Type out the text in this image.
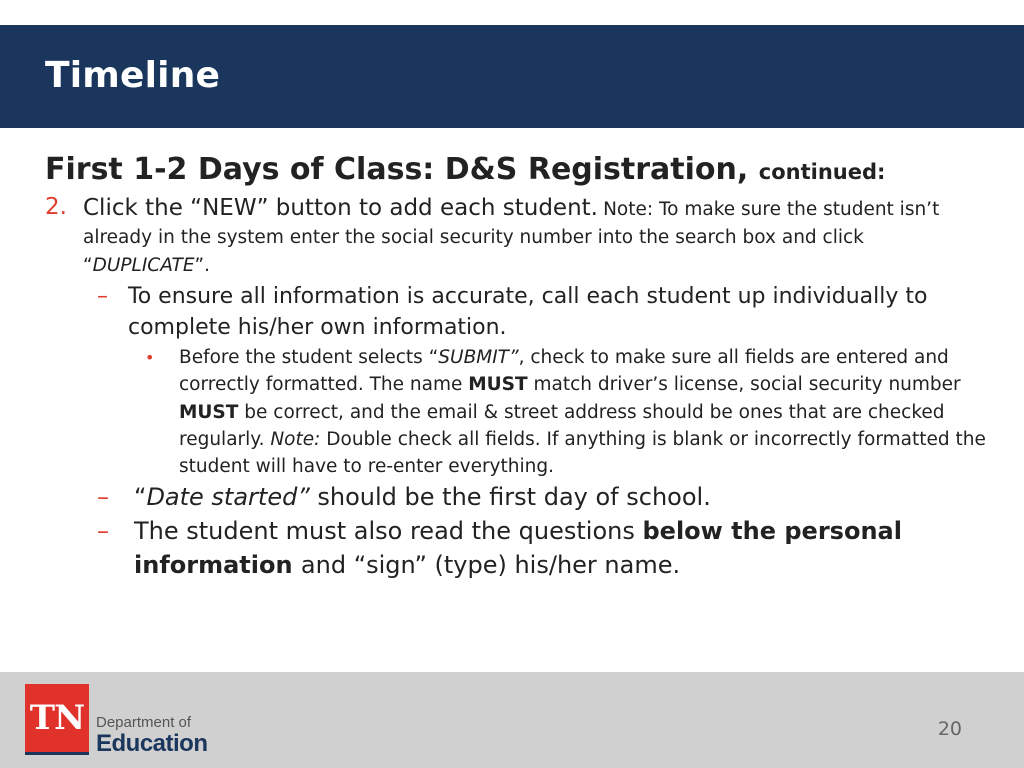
Timeline
First 1-2 Days of Class: D&S Registration, continued:
2. Click the “NEW” button to add each student. Note: To make sure the student isn’t already in the system enter the social security number into the search box and click “DUPLICATE”.
– To ensure all information is accurate, call each student up individually to complete his/her own information.
• Before the student selects “SUBMIT”, check to make sure all fields are entered and correctly formatted. The name MUST match driver’s license, social security number MUST be correct, and the email & street address should be ones that are checked regularly. Note: Double check all fields. If anything is blank or incorrectly formatted the student will have to re-enter everything.
– “Date started” should be the first day of school.
– The student must also read the questions below the personal information and “sign” (type) his/her name.
TN Department of
Education
20
